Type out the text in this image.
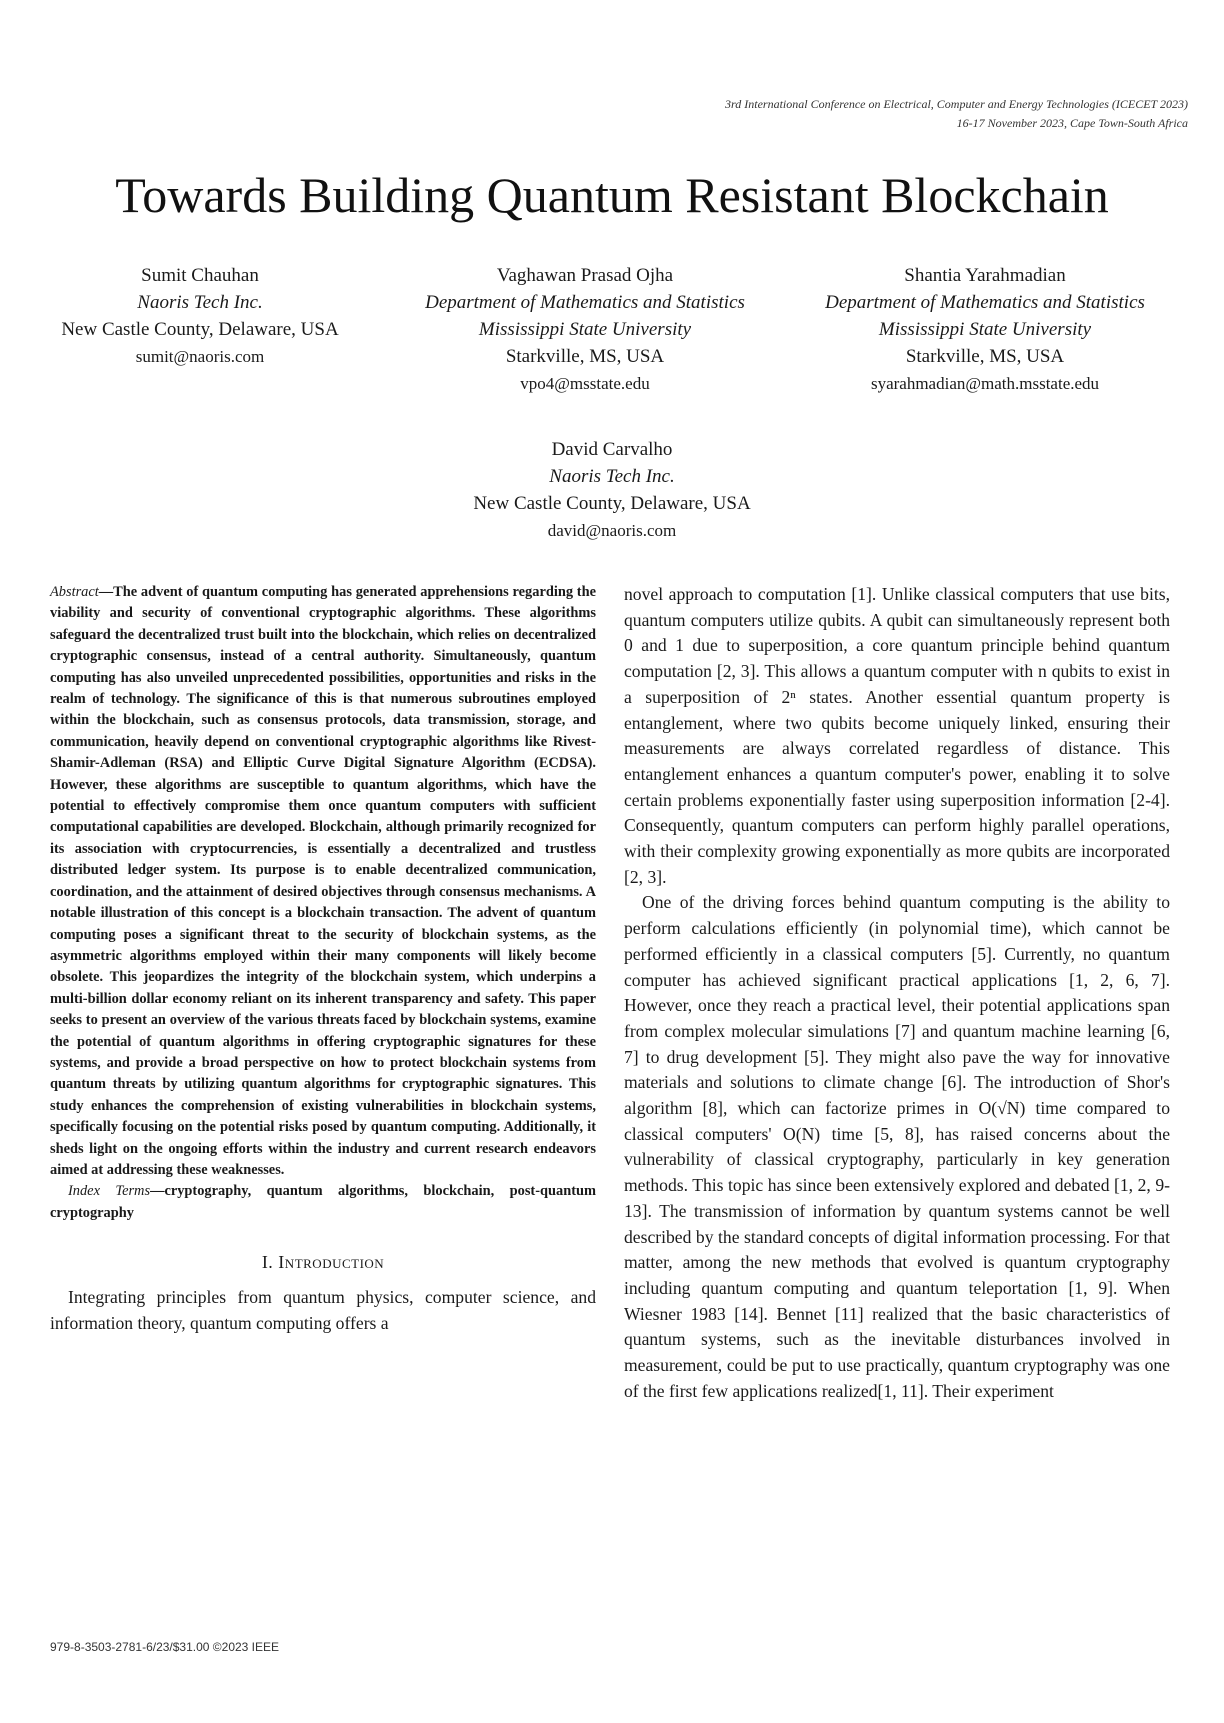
3rd International Conference on Electrical, Computer and Energy Technologies (ICECET 2023)
16-17 November 2023, Cape Town-South Africa
Towards Building Quantum Resistant Blockchain
Sumit Chauhan
Naoris Tech Inc.
New Castle County, Delaware, USA
sumit@naoris.com
Vaghawan Prasad Ojha
Department of Mathematics and Statistics Mississippi State University
Starkville, MS, USA
vpo4@msstate.edu
Shantia Yarahmadian
Department of Mathematics and Statistics Mississippi State University
Starkville, MS, USA
syarahmadian@math.msstate.edu
David Carvalho
Naoris Tech Inc.
New Castle County, Delaware, USA
david@naoris.com

Abstract—The advent of quantum computing has generated apprehensions regarding the viability and security of conventional cryptographic algorithms. These algorithms safeguard the decentralized trust built into the blockchain, which relies on decentralized cryptographic consensus, instead of a central authority. Simultaneously, quantum computing has also unveiled unprecedented possibilities, opportunities and risks in the realm of technology. The significance of this is that numerous subroutines employed within the blockchain, such as consensus protocols, data transmission, storage, and communication, heavily depend on conventional cryptographic algorithms like Rivest-Shamir-Adleman (RSA) and Elliptic Curve Digital Signature Algorithm (ECDSA). However, these algorithms are susceptible to quantum algorithms, which have the potential to effectively compromise them once quantum computers with sufficient computational capabilities are developed. Blockchain, although primarily recognized for its association with cryptocurrencies, is essentially a decentralized and trustless distributed ledger system. Its purpose is to enable decentralized communication, coordination, and the attainment of desired objectives through consensus mechanisms. A notable illustration of this concept is a blockchain transaction. The advent of quantum computing poses a significant threat to the security of blockchain systems, as the asymmetric algorithms employed within their many components will likely become obsolete. This jeopardizes the integrity of the blockchain system, which underpins a multi-billion dollar economy reliant on its inherent transparency and safety. This paper seeks to present an overview of the various threats faced by blockchain systems, examine the potential of quantum algorithms in offering cryptographic signatures for these systems, and provide a broad perspective on how to protect blockchain systems from quantum threats by utilizing quantum algorithms for cryptographic signatures. This study enhances the comprehension of existing vulnerabilities in blockchain systems, specifically focusing on the potential risks posed by quantum computing. Additionally, it sheds light on the ongoing efforts within the industry and current research endeavors aimed at addressing these weaknesses.

Index Terms—cryptography, quantum algorithms, blockchain, post-quantum cryptography

I. Introduction

Integrating principles from quantum physics, computer science, and information theory, quantum computing offers a

novel approach to computation [1]. Unlike classical computers that use bits, quantum computers utilize qubits. A qubit can simultaneously represent both 0 and 1 due to superposition, a core quantum principle behind quantum computation [2, 3]. This allows a quantum computer with n qubits to exist in a superposition of 2ⁿ states. Another essential quantum property is entanglement, where two qubits become uniquely linked, ensuring their measurements are always correlated regardless of distance. This entanglement enhances a quantum computer's power, enabling it to solve certain problems exponentially faster using superposition information [2-4]. Consequently, quantum computers can perform highly parallel operations, with their complexity growing exponentially as more qubits are incorporated [2, 3].

One of the driving forces behind quantum computing is the ability to perform calculations efficiently (in polynomial time), which cannot be performed efficiently in a classical computers [5]. Currently, no quantum computer has achieved significant practical applications [1, 2, 6, 7]. However, once they reach a practical level, their potential applications span from complex molecular simulations [7] and quantum machine learning [6, 7] to drug development [5]. They might also pave the way for innovative materials and solutions to climate change [6]. The introduction of Shor's algorithm [8], which can factorize primes in O(√N) time compared to classical computers' O(N) time [5, 8], has raised concerns about the vulnerability of classical cryptography, particularly in key generation methods. This topic has since been extensively explored and debated [1, 2, 9-13]. The transmission of information by quantum systems cannot be well described by the standard concepts of digital information processing. For that matter, among the new methods that evolved is quantum cryptography including quantum computing and quantum teleportation [1, 9]. When Wiesner 1983 [14]. Bennet [11] realized that the basic characteristics of quantum systems, such as the inevitable disturbances involved in measurement, could be put to use practically, quantum cryptography was one of the first few applications realized[1, 11]. Their experiment

979-8-3503-2781-6/23/$31.00 ©2023 IEEE
